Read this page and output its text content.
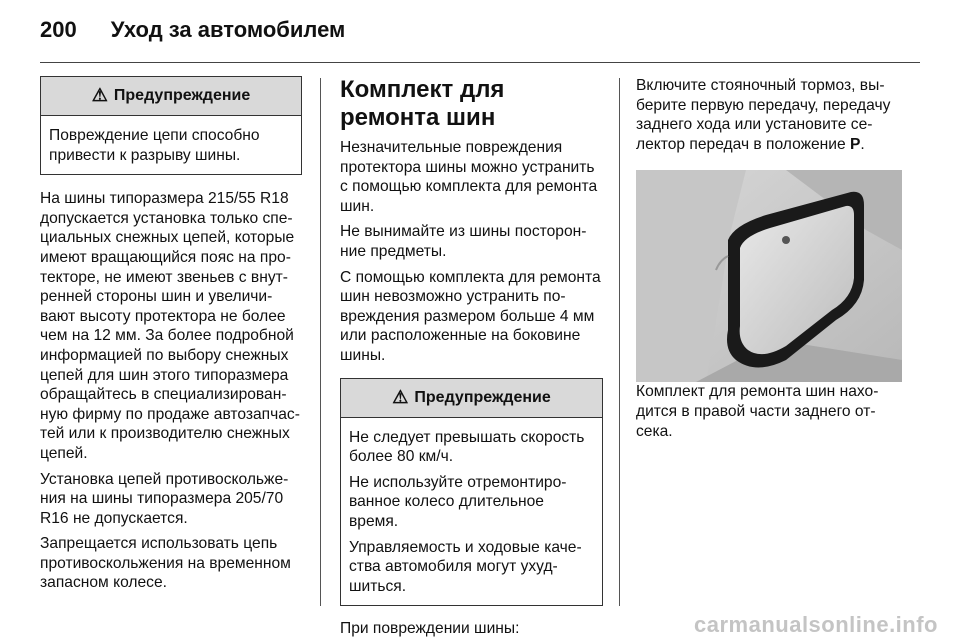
200 Уход за автомобилем
⚠ Предупреждение

Повреждение цепи способно привести к разрыву шины.

На шины типоразмера 215/55 R18 допускается установка только специальных снежных цепей, которые имеют вращающийся пояс на протекторе, не имеют звеньев с внутренней стороны шин и увеличивают высоту протектора не более чем на 12 мм. За более подробной информацией по выбору снежных цепей для шин этого типоразмера обращайтесь в специализированную фирму по продаже автозапчастей или к производителю снежных цепей.

Установка цепей противоскольжения на шины типоразмера 205/70 R16 не допускается.

Запрещается использовать цепь противоскольжения на временном запасном колесе.

Комплект для ремонта шин

Незначительные повреждения протектора шины можно устранить с помощью комплекта для ремонта шин.

Не вынимайте из шины посторонние предметы.

С помощью комплекта для ремонта шин невозможно устранить повреждения размером больше 4 мм или расположенные на боковине шины.

⚠ Предупреждение

Не следует превышать скорость более 80 км/ч.

Не используйте отремонтированное колесо длительное время.

Управляемость и ходовые качества автомобиля могут ухудшиться.

При повреждении шины:

Включите стояночный тормоз, выберите первую передачу, передачу заднего хода или установите селектор передач в положение P.

Комплект для ремонта шин находится в правой части заднего отсека.

carmanualsonline.info
